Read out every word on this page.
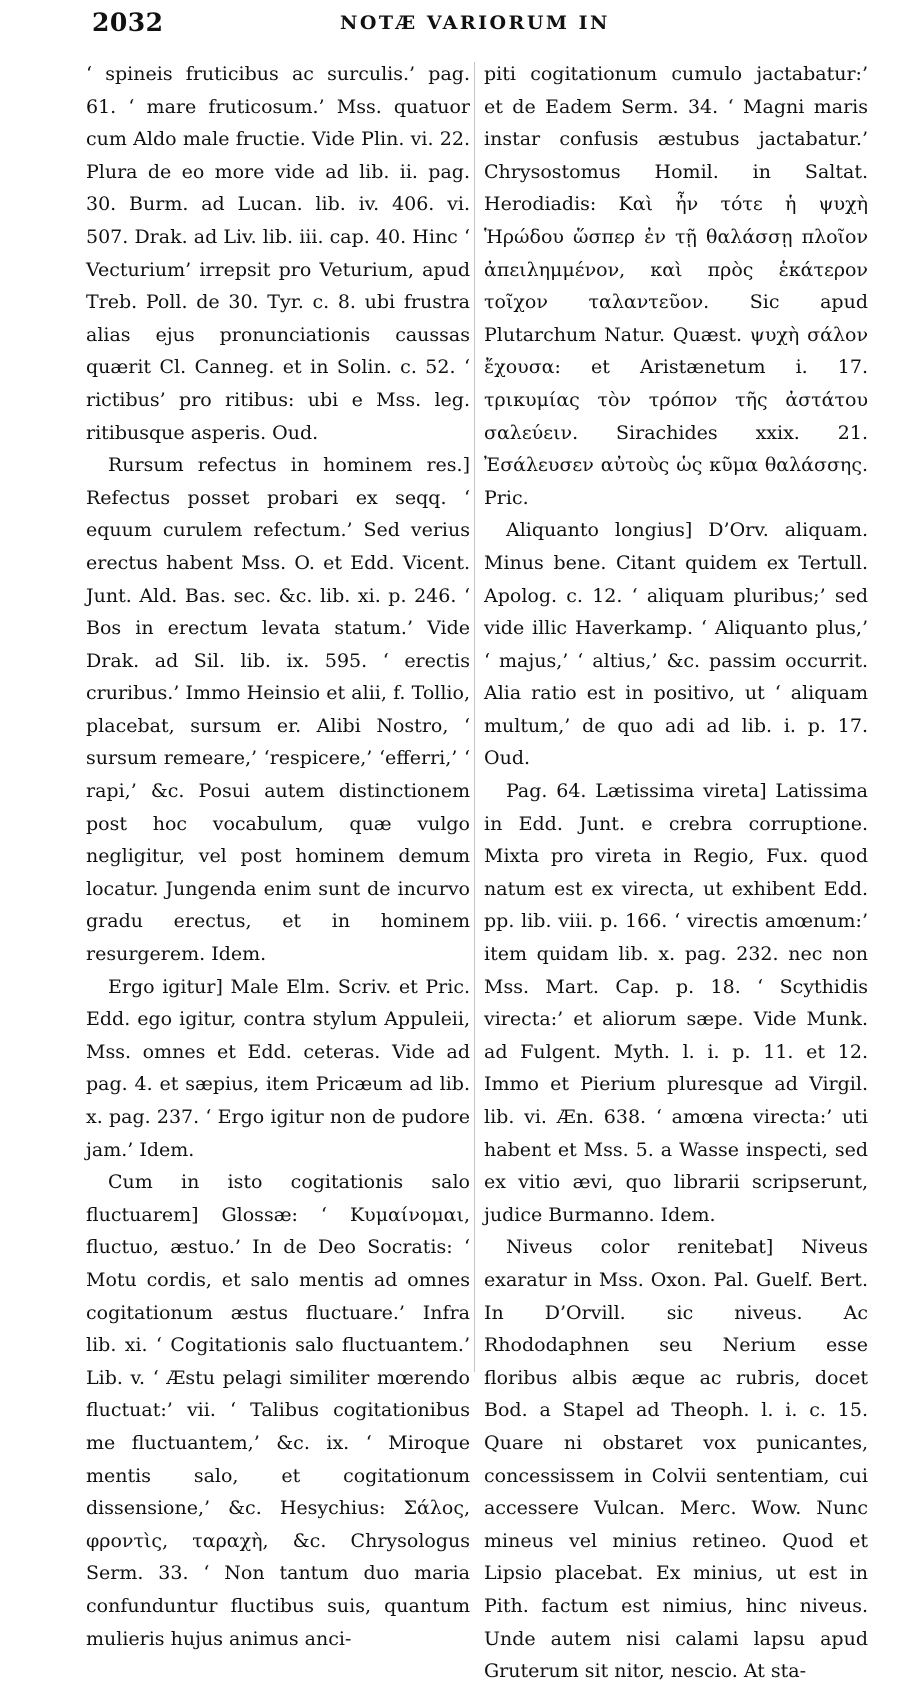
2032	NOTÆ VARIORUM IN

‘ spineis fruticibus ac surculis.’ pag. 61. ‘ mare fruticosum.’ Mss. quatuor cum Aldo male fructie. Vide Plin. vi. 22. Plura de eo more vide ad lib. ii. pag. 30. Burm. ad Lucan. lib. iv. 406. vi. 507. Drak. ad Liv. lib. iii. cap. 40. Hinc ‘ Vecturium’ irrepsit pro Veturium, apud Treb. Poll. de 30. Tyr. c. 8. ubi frustra alias ejus pronunciationis caussas quærit Cl. Canneg. et in Solin. c. 52. ‘ rictibus’ pro ritibus: ubi e Mss. leg. ritibusque asperis. Oud.

Rursum refectus in hominem res.] Refectus posset probari ex seqq. ‘ equum curulem refectum.’ Sed verius erectus habent Mss. O. et Edd. Vicent. Junt. Ald. Bas. sec. &c. lib. xi. p. 246. ‘ Bos in erectum levata statum.’ Vide Drak. ad Sil. lib. ix. 595. ‘ erectis cruribus.’ Immo Heinsio et alii, f. Tollio, placebat, sursum er. Alibi Nostro, ‘ sursum remeare,’ ‘respicere,’ ‘efferri,’ ‘ rapi,’ &c. Posui autem distinctionem post hoc vocabulum, quæ vulgo negligitur, vel post hominem demum locatur. Jungenda enim sunt de incurvo gradu erectus, et in hominem resurgerem. Idem.

Ergo igitur] Male Elm. Scriv. et Pric. Edd. ego igitur, contra stylum Appuleii, Mss. omnes et Edd. ceteras. Vide ad pag. 4. et sæpius, item Pricæum ad lib. x. pag. 237. ‘ Ergo igitur non de pudore jam.’ Idem.

Cum in isto cogitationis salo fluctuarem] Glossæ: ‘ Κυμαίνομαι, fluctuo, æstuo.’ In de Deo Socratis: ‘ Motu cordis, et salo mentis ad omnes cogitationum æstus fluctuare.’ Infra lib. xi. ‘ Cogitationis salo fluctuantem.’ Lib. v. ‘ Æstu pelagi similiter mœrendo fluctuat:’ vii. ‘ Talibus cogitationibus me fluctuantem,’ &c. ix. ‘ Miroque mentis salo, et cogitationum dissensione,’ &c. Hesychius: Σάλος, φροντὶς, ταραχὴ, &c. Chrysologus Serm. 33. ‘ Non tantum duo maria confunduntur fluctibus suis, quantum mulieris hujus animus anci-

piti cogitationum cumulo jactabatur:’ et de Eadem Serm. 34. ‘ Magni maris instar confusis æstubus jactabatur.’ Chrysostomus Homil. in Saltat. Herodiadis: Καὶ ἦν τότε ἡ ψυχὴ Ἡρώδου ὥσπερ ἐν τῇ θαλάσσῃ πλοῖον ἀπειλημμένον, καὶ πρὸς ἑκάτερον τοῖχον ταλαντεῦον. Sic apud Plutarchum Natur. Quæst. ψυχὴ σάλον ἔχουσα: et Aristænetum i. 17. τρικυμίας τὸν τρόπον τῆς ἀστάτου σαλεύειν. Sirachides xxix. 21. Ἐσάλευσεν αὐτοὺς ὡς κῦμα θαλάσσης. Pric.

Aliquanto longius] D’Orv. aliquam. Minus bene. Citant quidem ex Tertull. Apolog. c. 12. ‘ aliquam pluribus;’ sed vide illic Haverkamp. ‘ Aliquanto plus,’ ‘ majus,’ ‘ altius,’ &c. passim occurrit. Alia ratio est in positivo, ut ‘ aliquam multum,’ de quo adi ad lib. i. p. 17. Oud.

Pag. 64. Lætissima vireta] Latissima in Edd. Junt. e crebra corruptione. Mixta pro vireta in Regio, Fux. quod natum est ex virecta, ut exhibent Edd. pp. lib. viii. p. 166. ‘ virectis amœnum:’ item quidam lib. x. pag. 232. nec non Mss. Mart. Cap. p. 18. ‘ Scythidis virecta:’ et aliorum sæpe. Vide Munk. ad Fulgent. Myth. l. i. p. 11. et 12. Immo et Pierium pluresque ad Virgil. lib. vi. Æn. 638. ‘ amœna virecta:’ uti habent et Mss. 5. a Wasse inspecti, sed ex vitio ævi, quo librarii scripserunt, judice Burmanno. Idem.

Niveus color renitebat] Niveus exaratur in Mss. Oxon. Pal. Guelf. Bert. In D’Orvill. sic niveus. Ac Rhododaphnen seu Nerium esse floribus albis æque ac rubris, docet Bod. a Stapel ad Theoph. l. i. c. 15. Quare ni obstaret vox punicantes, concessissem in Colvii sententiam, cui accessere Vulcan. Merc. Wow. Nunc mineus vel minius retineo. Quod et Lipsio placebat. Ex minius, ut est in Pith. factum est nimius, hinc niveus. Unde autem nisi calami lapsu apud Gruterum sit nitor, nescio. At sta-
